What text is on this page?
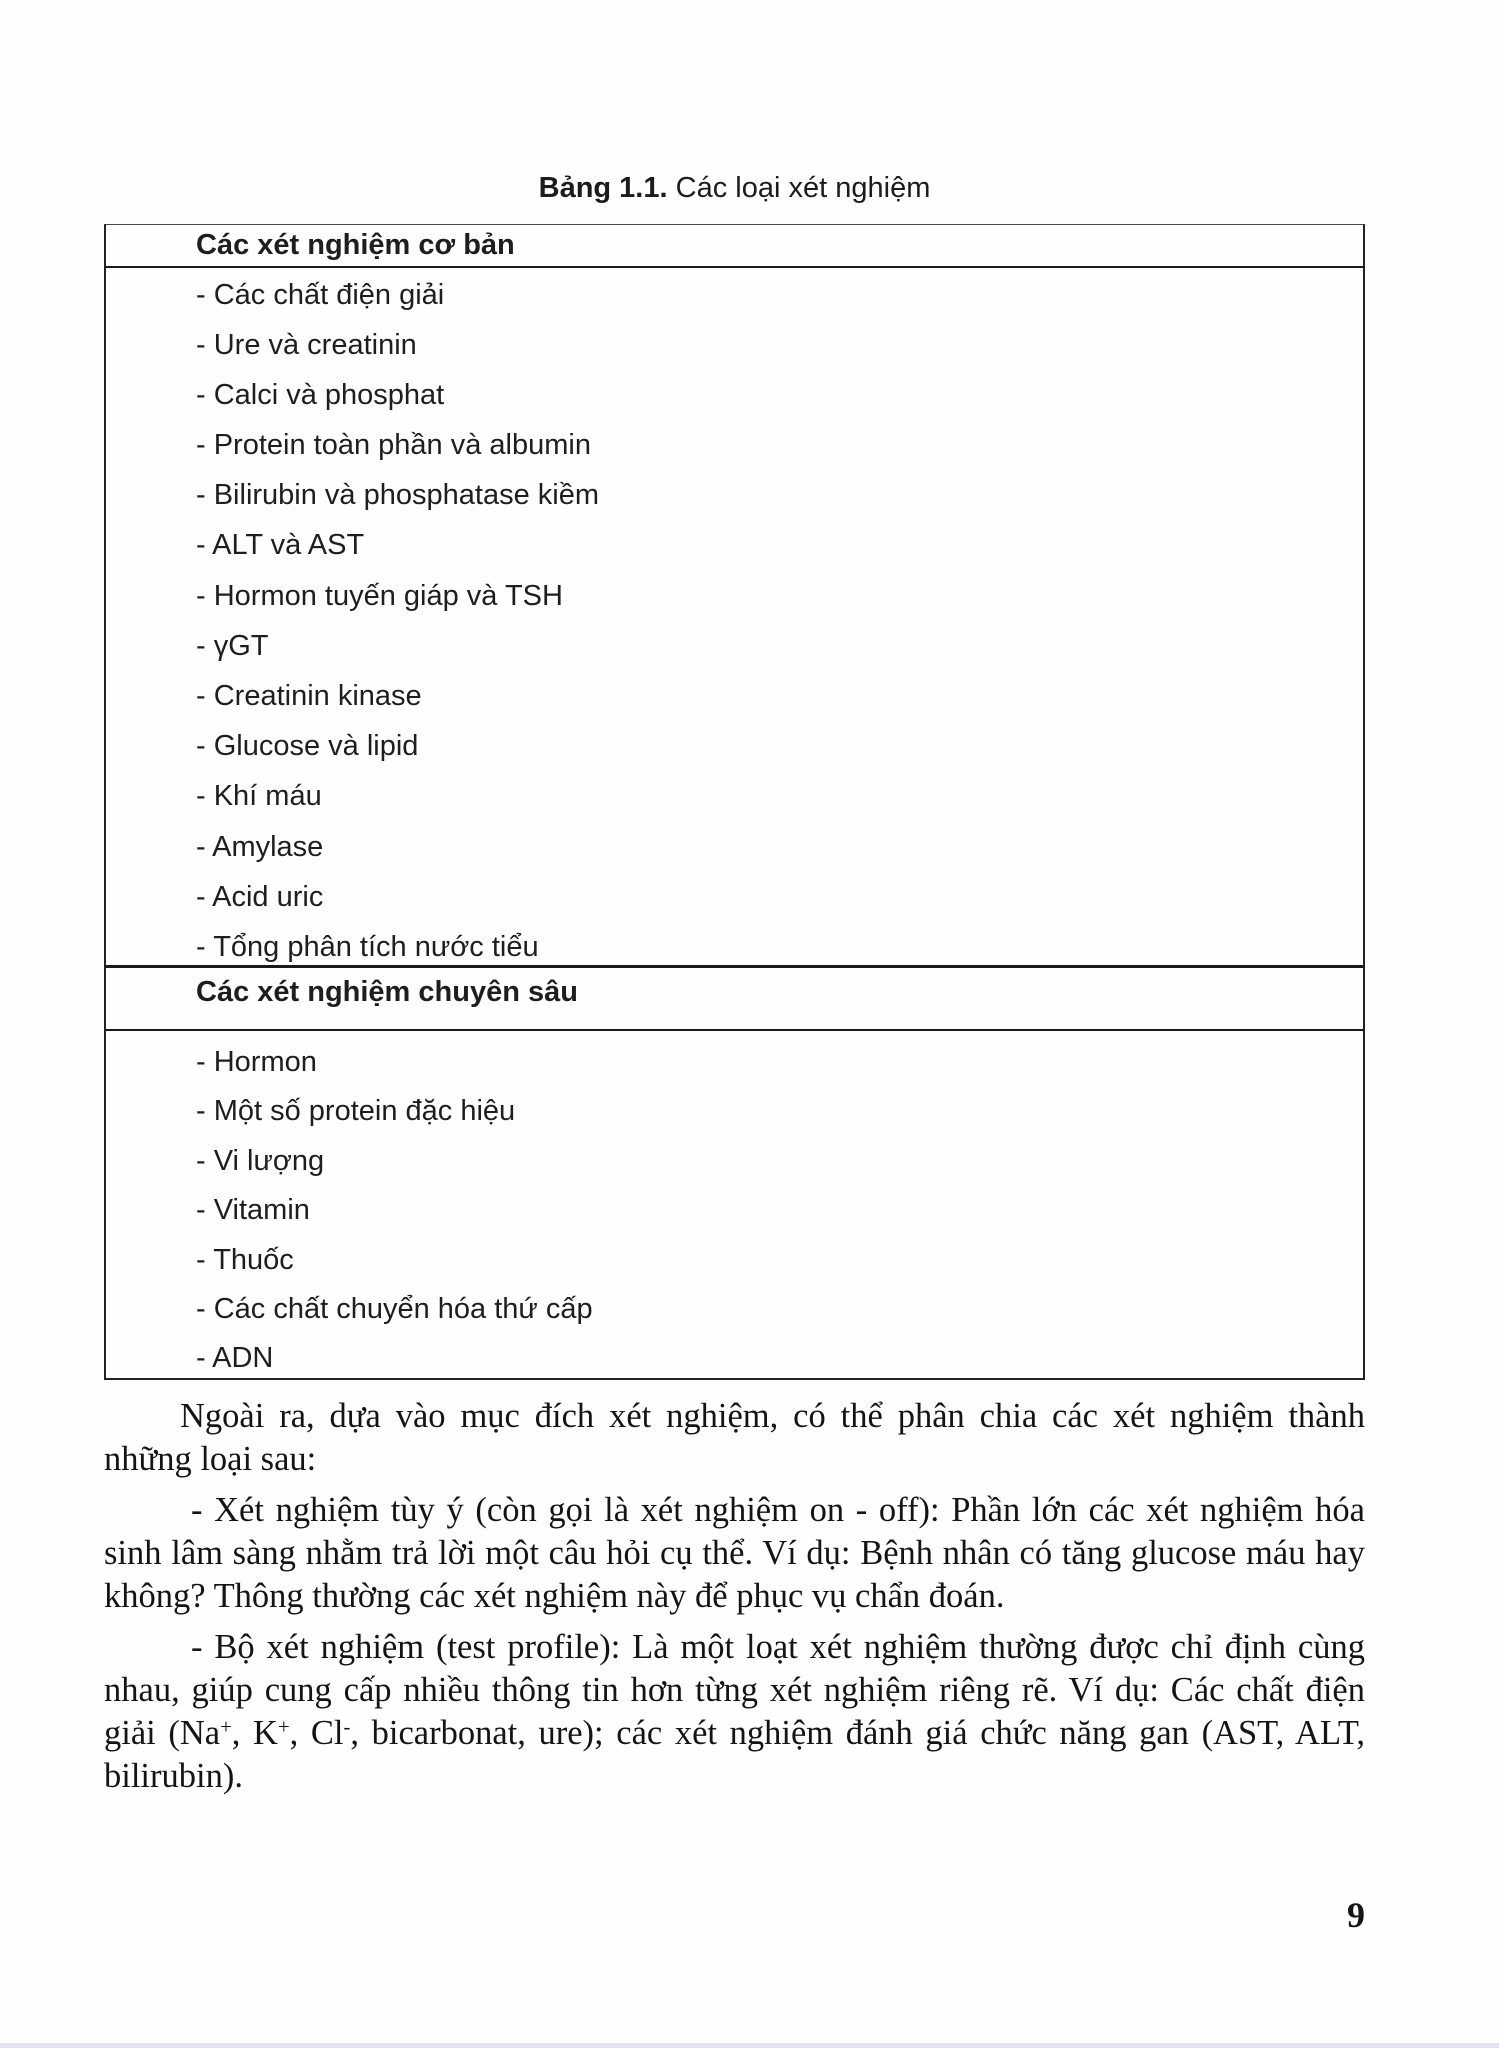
Bảng 1.1. Các loại xét nghiệm
Các xét nghiệm cơ bản
- Các chất điện giải
- Ure và creatinin
- Calci và phosphat
- Protein toàn phần và albumin
- Bilirubin và phosphatase kiềm
- ALT và AST
- Hormon tuyến giáp và TSH
- γGT
- Creatinin kinase
- Glucose và lipid
- Khí máu
- Amylase
- Acid uric
- Tổng phân tích nước tiểu
Các xét nghiệm chuyên sâu
- Hormon
- Một số protein đặc hiệu
- Vi lượng
- Vitamin
- Thuốc
- Các chất chuyển hóa thứ cấp
- ADN
Ngoài ra, dựa vào mục đích xét nghiệm, có thể phân chia các xét nghiệm thành
những loại sau:
- Xét nghiệm tùy ý (còn gọi là xét nghiệm on - off): Phần lớn các xét nghiệm hóa
sinh lâm sàng nhằm trả lời một câu hỏi cụ thể. Ví dụ: Bệnh nhân có tăng glucose máu hay
không? Thông thường các xét nghiệm này để phục vụ chẩn đoán.
- Bộ xét nghiệm (test profile): Là một loạt xét nghiệm thường được chỉ định cùng
nhau, giúp cung cấp nhiều thông tin hơn từng xét nghiệm riêng rẽ. Ví dụ: Các chất điện
giải (Na+, K+, Cl-, bicarbonat, ure); các xét nghiệm đánh giá chức năng gan (AST, ALT,
bilirubin).
9
